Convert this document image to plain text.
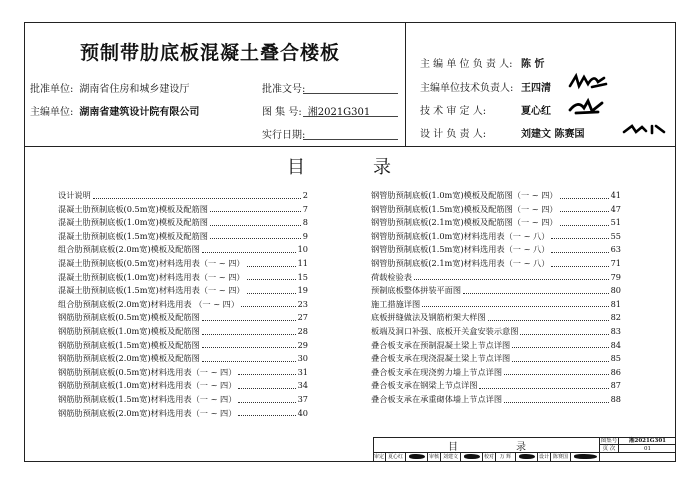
预制带肋底板混凝土叠合楼板
批准单位: 湖南省住房和城乡建设厅	批准文号:
主编单位: 湖南省建筑设计院有限公司	图 集 号: 湘2021G301
实行日期:
主 编 单 位 负 责 人: 陈 忻
主编单位技术负责人: 王四清
技 术 审 定 人:	夏心红
设 计 负 责 人:	刘建文 陈赛国
目	录
设计说明	2
混凝土肋预制底板(0.5m宽)模板及配筋图	7
混凝土肋预制底板(1.0m宽)模板及配筋图	8
混凝土肋预制底板(1.5m宽)模板及配筋图	9
组合肋预制底板(2.0m宽)模板及配筋图	10
混凝土肋预制底板(0.5m宽)材料选用表（一 ~ 四）	11
混凝土肋预制底板(1.0m宽)材料选用表（一 ~ 四）	15
混凝土肋预制底板(1.5m宽)材料选用表（一 ~ 四）	19
组合肋预制底板(2.0m宽)材料选用表 （一 ~ 四）	23
钢筋肋预制底板(0.5m宽)模板及配筋图	27
钢筋肋预制底板(1.0m宽)模板及配筋图	28
钢筋肋预制底板(1.5m宽)模板及配筋图	29
钢筋肋预制底板(2.0m宽)模板及配筋图	30
钢筋肋预制底板(0.5m宽)材料选用表（一 ~ 四）	31
钢筋肋预制底板(1.0m宽)材料选用表（一 ~ 四）	34
钢筋肋预制底板(1.5m宽)材料选用表（一 ~ 四）	37
钢筋肋预制底板(2.0m宽)材料选用表（一 ~ 四）	40
钢管肋预制底板(1.0m宽)模板及配筋图（一 ~ 四）	41
钢管肋预制底板(1.5m宽)模板及配筋图（一 ~ 四）	47
钢管肋预制底板(2.1m宽)模板及配筋图（一 ~ 四）	51
钢管肋预制底板(1.0m宽)材料选用表（一 ~ 八）	55
钢管肋预制底板(1.5m宽)材料选用表（一 ~ 八）	63
钢管肋预制底板(2.1m宽)材料选用表（一 ~ 八）	71
荷载检验表	79
预制底板整体拼装平面图	80
施工措施详图	81
底板拼缝做法及钢筋桁架大样图	82
板端及洞口补强、底板开关盒安装示意图	83
叠合板支承在预制混凝土梁上节点详图	84
叠合板支承在现浇混凝土梁上节点详图	85
叠合板支承在现浇剪力墙上节点详图	86
叠合板支承在钢梁上节点详图	87
叠合板支承在承重砌体墙上节点详图	88
目	录
审定 夏心红	审核 刘建文	校对	万 辉	设计 陈赛国
图集号	湘2021G301
页 次	01
